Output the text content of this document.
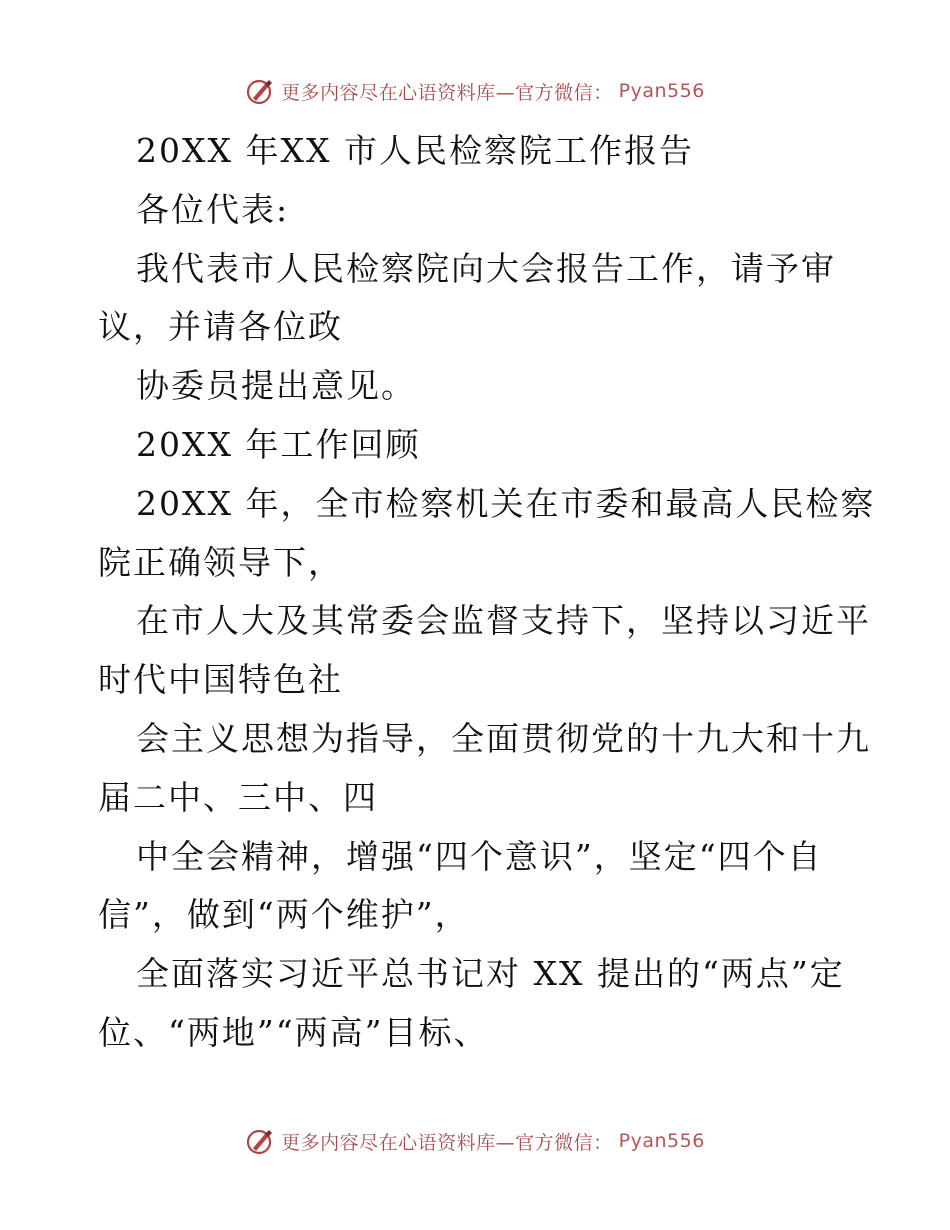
更多内容尽在心语资料库—官方微信： Pyan556
20XX 年XX 市人民检察院工作报告
各位代表:
我代表市人民检察院向大会报告工作，请予审
议，并请各位政
协委员提出意见。
20XX 年工作回顾
20XX 年，全市检察机关在市委和最高人民检察
院正确领导下，
在市人大及其常委会监督支持下，坚持以习近平
时代中国特色社
会主义思想为指导，全面贯彻党的十九大和十九
届二中、三中、四
中全会精神，增强“四个意识”，坚定“四个自
信”，做到“两个维护”，
全面落实习近平总书记对 XX 提出的“两点”定
位、“两地”“两高”目标、
更多内容尽在心语资料库—官方微信： Pyan556
